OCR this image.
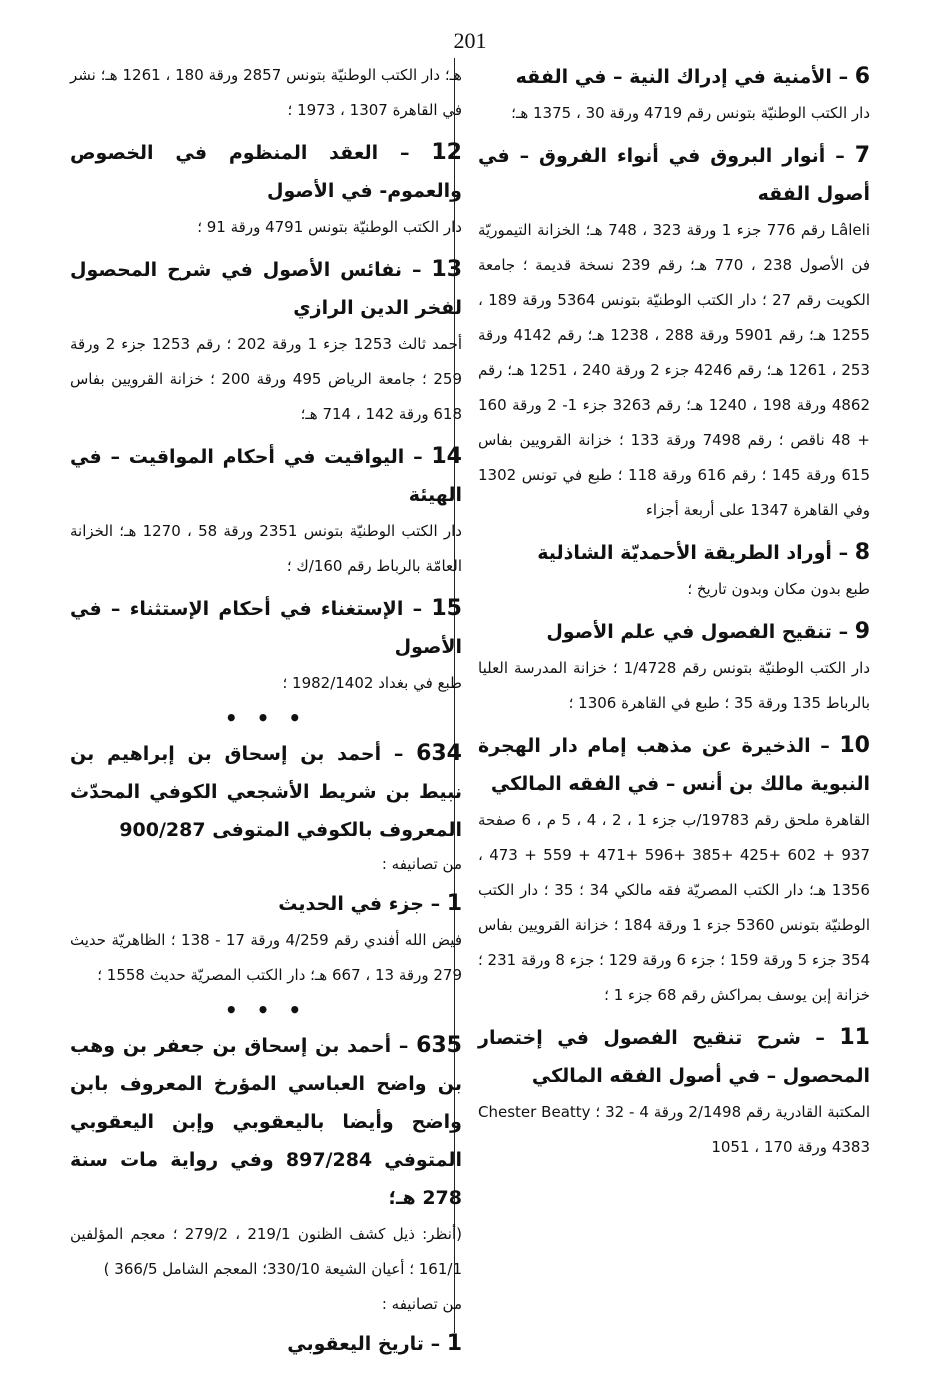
201

6 – الأمنية في إدراك النية – في الفقه

دار الكتب الوطنيّة بتونس رقم 4719 ورقة 30 ، 1375 هـ؛

7 – أنوار البروق في أنواء الفروق – في أصول الفقه

Lâleli رقم 776 جزء 1 ورقة 323 ، 748 هـ؛ الخزانة التيموريّة فن الأصول 238 ، 770 هـ؛ رقم 239 نسخة قديمة ؛ جامعة الكويت رقم 27 ؛ دار الكتب الوطنيّة بتونس 5364 ورقة 189 ، 1255 هـ؛ رقم 5901 ورقة 288 ، 1238 هـ؛ رقم 4142 ورقة 253 ، 1261 هـ؛ رقم 4246 جزء 2 ورقة 240 ، 1251 هـ؛ رقم 4862 ورقة 198 ، 1240 هـ؛ رقم 3263 جزء 1- 2 ورقة 160 + 48 ناقص ؛ رقم 7498 ورقة 133 ؛ خزانة القرويين بفاس 615 ورقة 145 ؛ رقم 616 ورقة 118 ؛ طبع في تونس 1302 وفي القاهرة 1347 على أربعة أجزاء

8 – أوراد الطريقة الأحمديّة الشاذلية

طبع بدون مكان وبدون تاريخ ؛

9 – تنقيح الفصول في علم الأصول

دار الكتب الوطنيّة بتونس رقم 1/4728 ؛ خزانة المدرسة العليا بالرباط 135 ورقة 35 ؛ طبع في القاهرة 1306 ؛

10 – الذخيرة عن مذهب إمام دار الهجرة النبوية مالك بن أنس – في الفقه المالكي

القاهرة ملحق رقم 19783/ب جزء 1 ، 2 ، 4 ، 5 م ، 6 صفحة 937 + 602 +425 +385 +596 +471 + 559 + 473 ، 1356 هـ؛ دار الكتب المصريّة فقه مالكي 34 ؛ 35 ؛ دار الكتب الوطنيّة بتونس 5360 جزء 1 ورقة 184 ؛ خزانة القرويين بفاس 354 جزء 5 ورقة 159 ؛ جزء 6 ورقة 129 ؛ جزء 8 ورقة 231 ؛ خزانة إبن يوسف بمراكش رقم 68 جزء 1 ؛

11 – شرح تنقيح الفصول في إختصار المحصول – في أصول الفقه المالكي

المكتبة القادرية رقم 2/1498 ورقة 4 - 32 ؛ Chester Beatty 4383 ورقة 170 ، 1051

هـ؛ دار الكتب الوطنيّة بتونس 2857 ورقة 180 ، 1261 هـ؛ نشر في القاهرة 1307 ، 1973 ؛

12 – العقد المنظوم في الخصوص والعموم- في الأصول

دار الكتب الوطنيّة بتونس 4791 ورقة 91 ؛

13 – نفائس الأصول في شرح المحصول لفخر الدين الرازي

أحمد ثالث 1253 جزء 1 ورقة 202 ؛ رقم 1253 جزء 2 ورقة 259 ؛ جامعة الرياض 495 ورقة 200 ؛ خزانة القرويين بفاس 618 ورقة 142 ، 714 هـ؛

14 – اليواقيت في أحكام المواقيت – في الهيئة

دار الكتب الوطنيّة بتونس 2351 ورقة 58 ، 1270 هـ؛ الخزانة العامّة بالرباط رقم 160/ك ؛

15 – الإستغناء في أحكام الإستثناء – في الأصول

طبع في بغداد 1982/1402 ؛

• • •

634 – أحمد بن إسحاق بن إبراهيم بن نبيط بن شريط الأشجعي الكوفي المحدّث المعروف بالكوفي المتوفى 900/287

من تصانيفه :

1 – جزء في الحديث

فيض الله أفندي رقم 4/259 ورقة 17 - 138 ؛ الظاهريّة حديث 279 ورقة 13 ، 667 هـ؛ دار الكتب المصريّة حديث 1558 ؛

• • •

635 – أحمد بن إسحاق بن جعفر بن وهب بن واضح العباسي المؤرخ المعروف بابن واضح وأيضا باليعقوبي وإبن اليعقوبي المتوفي 897/284 وفي رواية مات سنة 278 هـ؛

(أنظر: ذيل كشف الظنون 219/1 ، 279/2 ؛ معجم المؤلفين 161/1 ؛ أعيان الشيعة 330/10؛ المعجم الشامل 366/5 )

من تصانيفه :

1 – تاريخ اليعقوبي
